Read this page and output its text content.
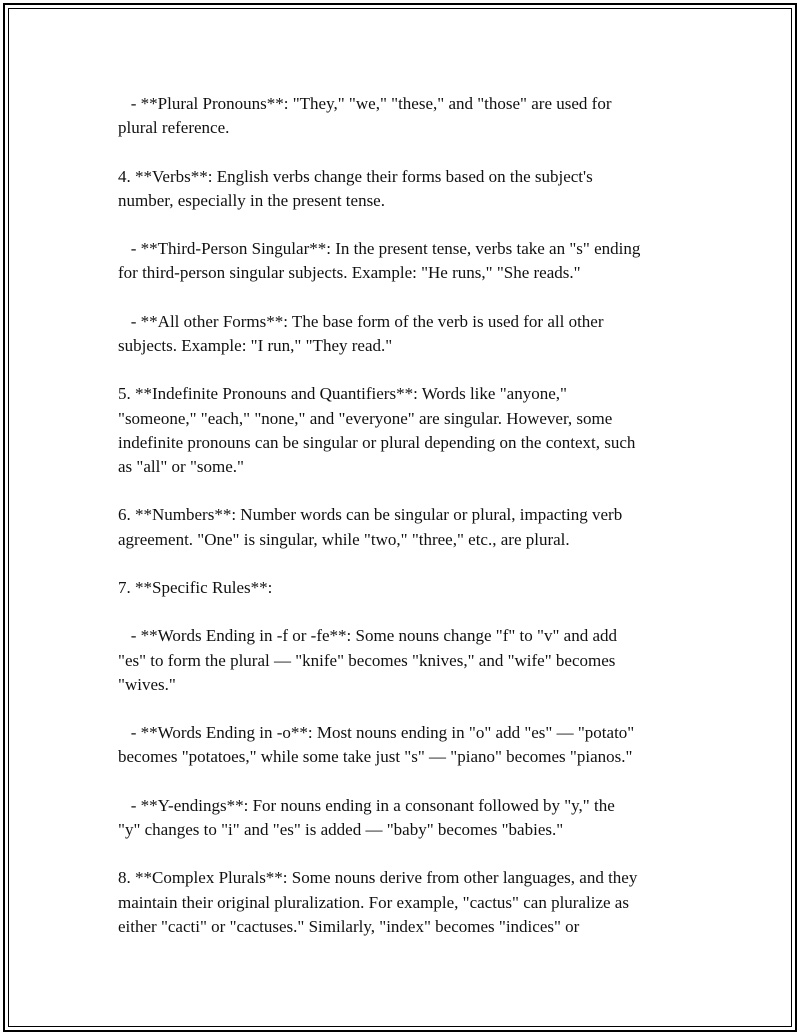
- **Plural Pronouns**: "They," "we," "these," and "those" are used for
plural reference.

4. **Verbs**: English verbs change their forms based on the subject's
number, especially in the present tense.

- **Third-Person Singular**: In the present tense, verbs take an "s" ending
for third-person singular subjects. Example: "He runs," "She reads."

- **All other Forms**: The base form of the verb is used for all other
subjects. Example: "I run," "They read."

5. **Indefinite Pronouns and Quantifiers**: Words like "anyone,"
"someone," "each," "none," and "everyone" are singular. However, some
indefinite pronouns can be singular or plural depending on the context, such
as "all" or "some."

6. **Numbers**: Number words can be singular or plural, impacting verb
agreement. "One" is singular, while "two," "three," etc., are plural.

7. **Specific Rules**:

- **Words Ending in -f or -fe**: Some nouns change "f" to "v" and add
"es" to form the plural — "knife" becomes "knives," and "wife" becomes
"wives."

- **Words Ending in -o**: Most nouns ending in "o" add "es" — "potato"
becomes "potatoes," while some take just "s" — "piano" becomes "pianos."

- **Y-endings**: For nouns ending in a consonant followed by "y," the
"y" changes to "i" and "es" is added — "baby" becomes "babies."

8. **Complex Plurals**: Some nouns derive from other languages, and they
maintain their original pluralization. For example, "cactus" can pluralize as
either "cacti" or "cactuses." Similarly, "index" becomes "indices" or
